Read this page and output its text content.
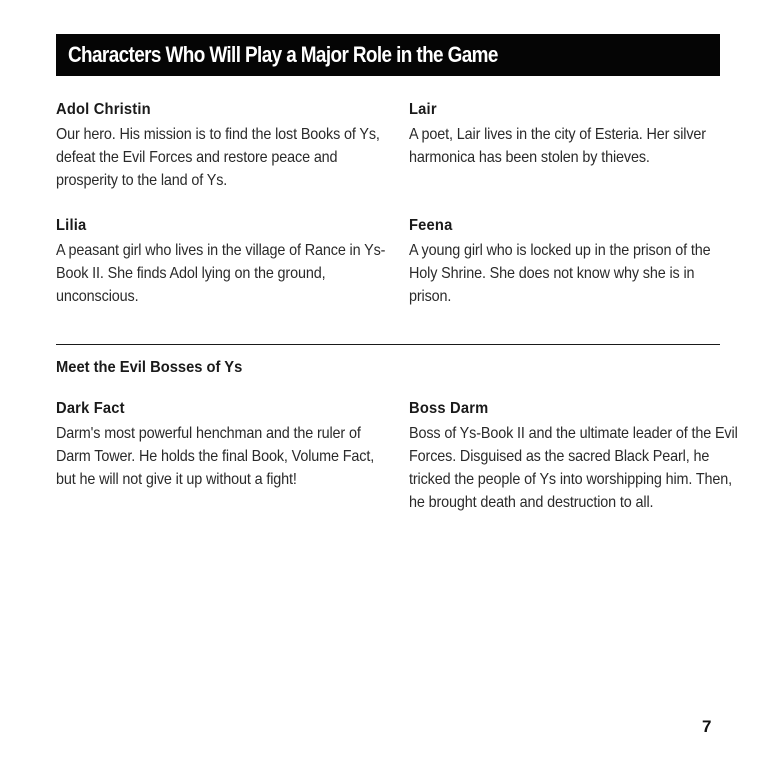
Characters Who Will Play a Major Role in the Game
Adol Christin
Our hero. His mission is to find the lost Books of Ys, defeat the Evil Forces and restore peace and prosperity to the land of Ys.
Lair
A poet, Lair lives in the city of Esteria. Her silver harmonica has been stolen by thieves.
Lilia
A peasant girl who lives in the village of Rance in Ys- Book II. She finds Adol lying on the ground, unconscious.
Feena
A young girl who is locked up in the prison of the Holy Shrine. She does not know why she is in prison.
Meet the Evil Bosses of Ys
Dark Fact
Darm's most powerful henchman and the ruler of Darm Tower. He holds the final Book, Volume Fact, but he will not give it up without a fight!
Boss Darm
Boss of Ys-Book II and the ultimate leader of the Evil Forces. Disguised as the sacred Black Pearl, he tricked the people of Ys into worshipping him. Then, he brought death and destruction to all.
7
